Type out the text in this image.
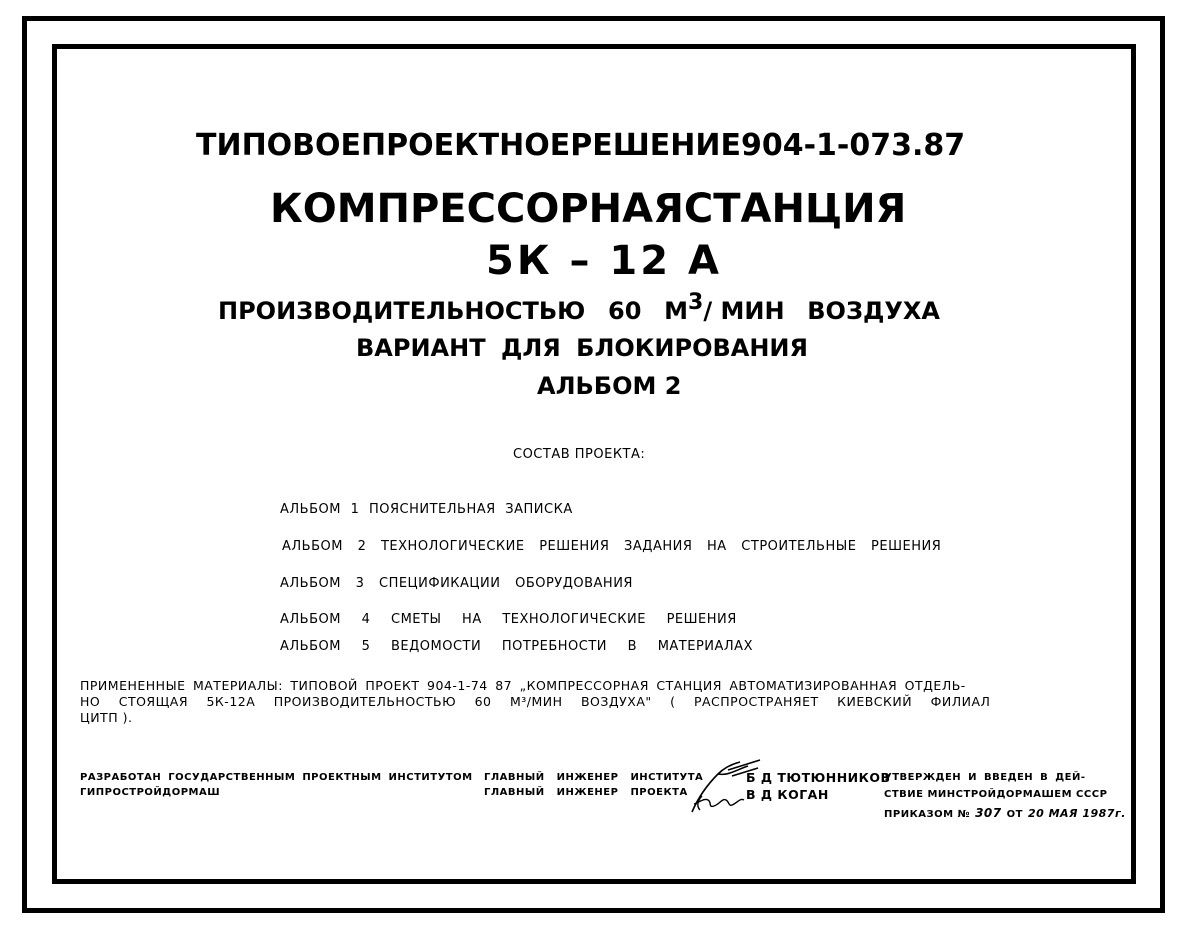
ТИПОВОЕ ПРОЕКТНОЕ РЕШЕНИЕ 904-1-073.87
КОМПРЕССОРНАЯ СТАНЦИЯ
5К – 12 А
ПРОИЗВОДИТЕЛЬНОСТЬЮ 60 $М^3/$ МИН ВОЗДУХА
ВАРИАНТ ДЛЯ БЛОКИРОВАНИЯ
АЛЬБОМ 2
СОСТАВ ПРОЕКТА:
АЛЬБОМ 1 ПОЯСНИТЕЛЬНАЯ ЗАПИСКА
АЛЬБОМ 2 ТЕХНОЛОГИЧЕСКИЕ РЕШЕНИЯ ЗАДАНИЯ НА СТРОИТЕЛЬНЫЕ РЕШЕНИЯ
АЛЬБОМ 3 СПЕЦИФИКАЦИИ ОБОРУДОВАНИЯ
АЛЬБОМ 4 СМЕТЫ НА ТЕХНОЛОГИЧЕСКИЕ РЕШЕНИЯ
АЛЬБОМ 5 ВЕДОМОСТИ ПОТРЕБНОСТИ В МАТЕРИАЛАХ
ПРИМЕНЕННЫЕ МАТЕРИАЛЫ: ТИПОВОЙ ПРОЕКТ 904-1-74 87 „КОМПРЕССОРНАЯ СТАНЦИЯ АВТОМАТИЗИРОВАННАЯ ОТДЕЛЬ-
НО СТОЯЩАЯ 5К-12А ПРОИЗВОДИТЕЛЬНОСТЬЮ 60 М³/МИН ВОЗДУХА" ( РАСПРОСТРАНЯЕТ КИЕВСКИЙ ФИЛИАЛ
ЦИТП ).
РАЗРАБОТАН ГОСУДАРСТВЕННЫМ ПРОЕКТНЫМ ИНСТИТУТОМ
ГИПРОСТРОЙДОРМАШ
ГЛАВНЫЙ ИНЖЕНЕР ИНСТИТУТА
ГЛАВНЫЙ ИНЖЕНЕР ПРОЕКТА
Б Д ТЮТЮННИКОВ
В Д КОГАН
УТВЕРЖДЕН И ВВЕДЕН В ДЕЙ-
СТВИЕ МИНСТРОЙДОРМАШЕМ СССР
ПРИКАЗОМ № 307 ОТ 20 МАЯ 1987г.
